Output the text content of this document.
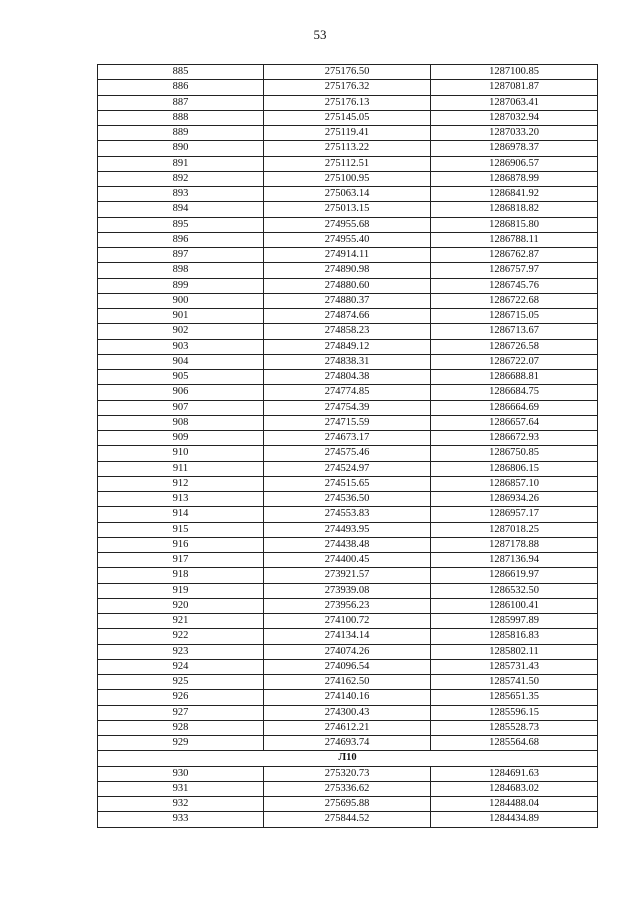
53
885	275176.50	1287100.85
886	275176.32	1287081.87
887	275176.13	1287063.41
888	275145.05	1287032.94
889	275119.41	1287033.20
890	275113.22	1286978.37
891	275112.51	1286906.57
892	275100.95	1286878.99
893	275063.14	1286841.92
894	275013.15	1286818.82
895	274955.68	1286815.80
896	274955.40	1286788.11
897	274914.11	1286762.87
898	274890.98	1286757.97
899	274880.60	1286745.76
900	274880.37	1286722.68
901	274874.66	1286715.05
902	274858.23	1286713.67
903	274849.12	1286726.58
904	274838.31	1286722.07
905	274804.38	1286688.81
906	274774.85	1286684.75
907	274754.39	1286664.69
908	274715.59	1286657.64
909	274673.17	1286672.93
910	274575.46	1286750.85
911	274524.97	1286806.15
912	274515.65	1286857.10
913	274536.50	1286934.26
914	274553.83	1286957.17
915	274493.95	1287018.25
916	274438.48	1287178.88
917	274400.45	1287136.94
918	273921.57	1286619.97
919	273939.08	1286532.50
920	273956.23	1286100.41
921	274100.72	1285997.89
922	274134.14	1285816.83
923	274074.26	1285802.11
924	274096.54	1285731.43
925	274162.50	1285741.50
926	274140.16	1285651.35
927	274300.43	1285596.15
928	274612.21	1285528.73
929	274693.74	1285564.68
Л10		
930	275320.73	1284691.63
931	275336.62	1284683.02
932	275695.88	1284488.04
933	275844.52	1284434.89
